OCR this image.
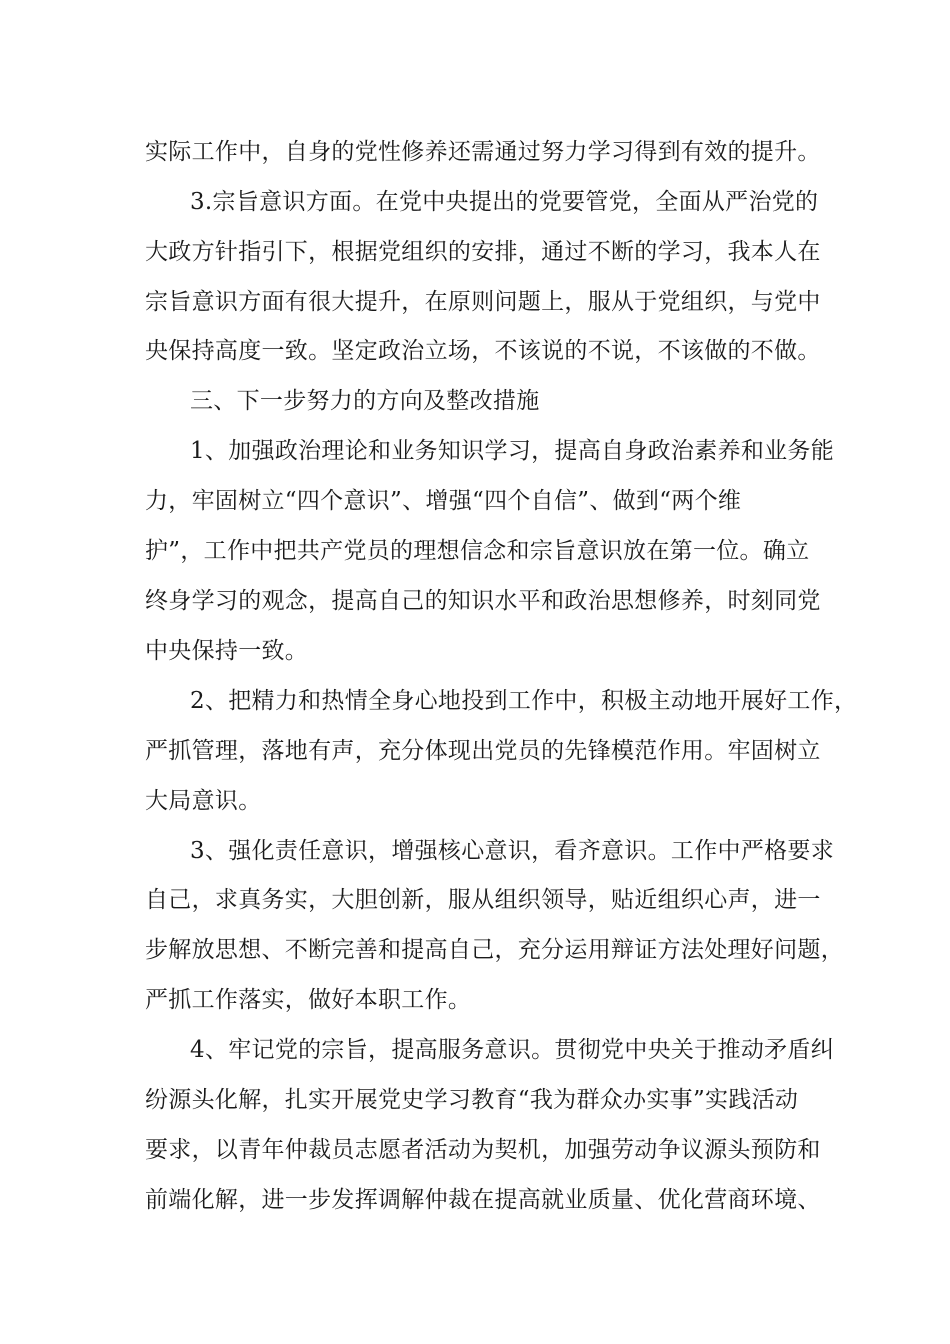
实际工作中，自身的党性修养还需通过努力学习得到有效的提升。
3.宗旨意识方面。在党中央提出的党要管党，全面从严治党的
大政方针指引下，根据党组织的安排，通过不断的学习，我本人在
宗旨意识方面有很大提升，在原则问题上，服从于党组织，与党中
央保持高度一致。坚定政治立场，不该说的不说，不该做的不做。
三、下一步努力的方向及整改措施
1、加强政治理论和业务知识学习，提高自身政治素养和业务能
力，牢固树立“四个意识”、增强“四个自信”、做到“两个维
护”，工作中把共产党员的理想信念和宗旨意识放在第一位。确立
终身学习的观念，提高自己的知识水平和政治思想修养，时刻同党
中央保持一致。
2、把精力和热情全身心地投到工作中，积极主动地开展好工作，
严抓管理，落地有声，充分体现出党员的先锋模范作用。牢固树立
大局意识。
3、强化责任意识，增强核心意识，看齐意识。工作中严格要求
自己，求真务实，大胆创新，服从组织领导，贴近组织心声，进一
步解放思想、不断完善和提高自己，充分运用辩证方法处理好问题，
严抓工作落实，做好本职工作。
4、牢记党的宗旨，提高服务意识。贯彻党中央关于推动矛盾纠
纷源头化解，扎实开展党史学习教育“我为群众办实事”实践活动
要求，以青年仲裁员志愿者活动为契机，加强劳动争议源头预防和
前端化解，进一步发挥调解仲裁在提高就业质量、优化营商环境、
